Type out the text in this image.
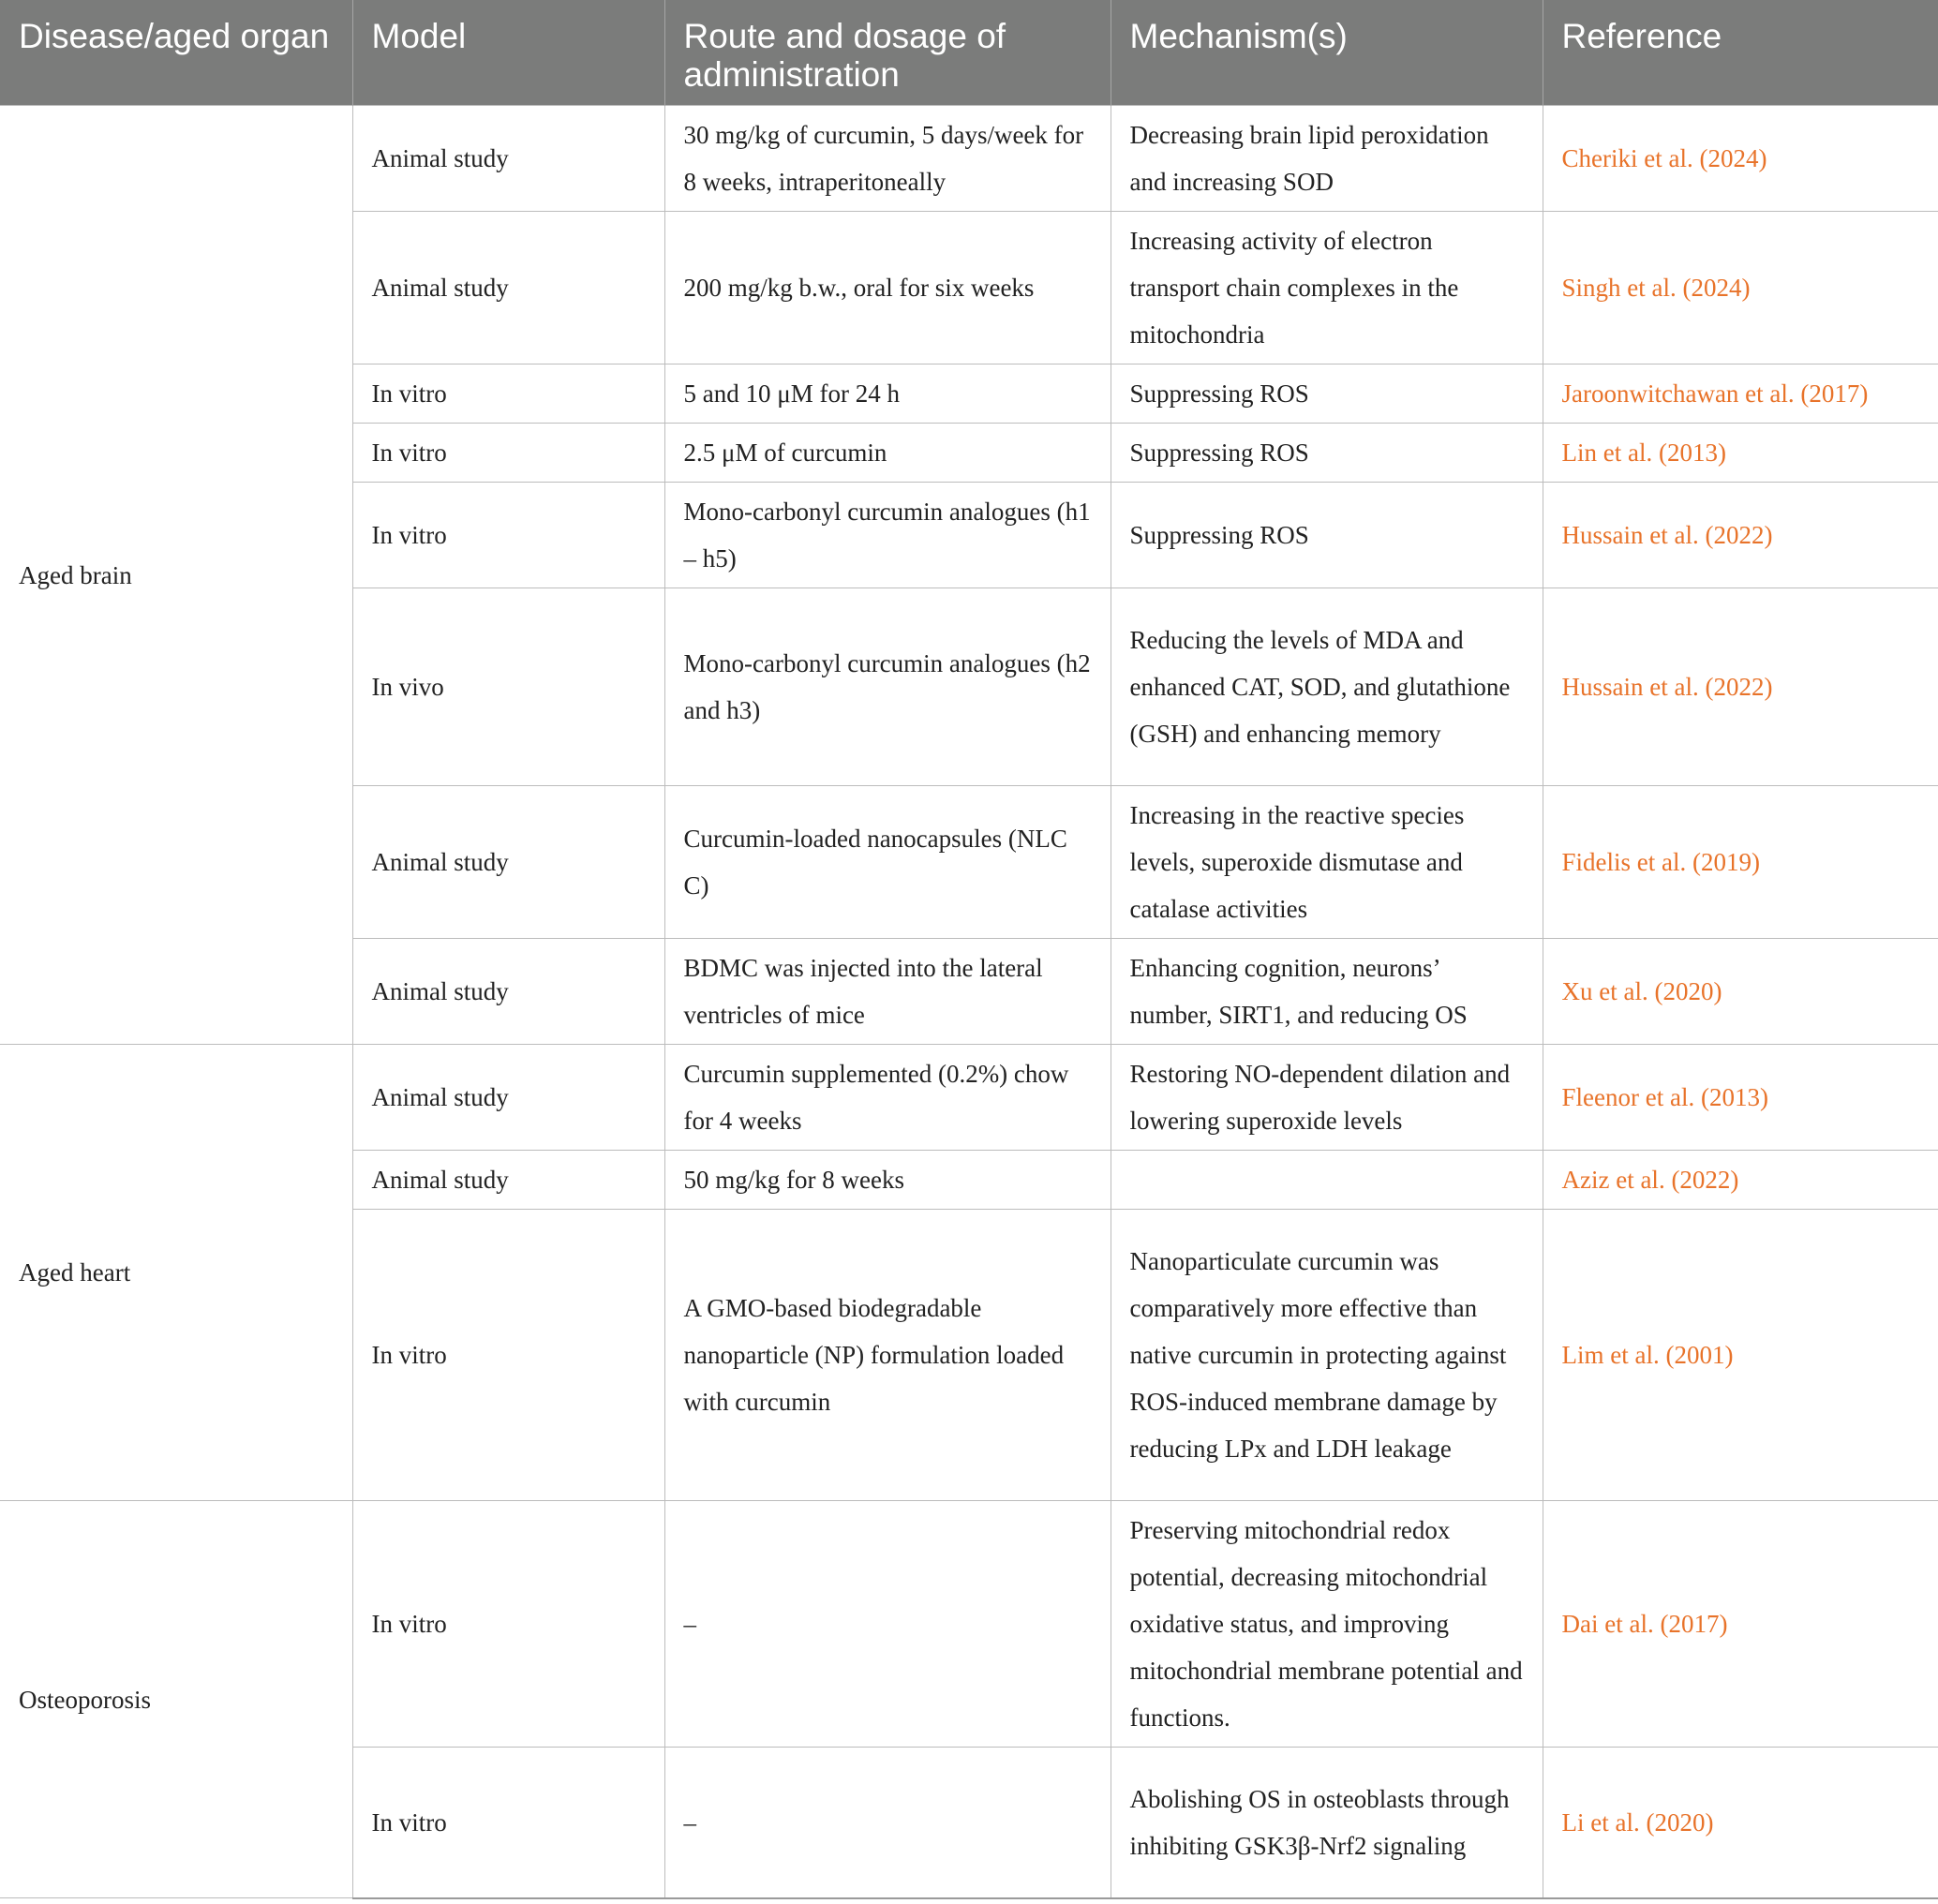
Disease/aged organ	Model	Route and dosage of administration	Mechanism(s)	Reference
Aged brain	Animal study	30 mg/kg of curcumin, 5 days/week for 8 weeks, intraperitoneally	Decreasing brain lipid peroxidation and increasing SOD	Cheriki et al. (2024)
	Animal study	200 mg/kg b.w., oral for six weeks	Increasing activity of electron transport chain complexes in the mitochondria	Singh et al. (2024)
	In vitro	5 and 10 μM for 24 h	Suppressing ROS	Jaroonwitchawan et al. (2017)
	In vitro	2.5 μM of curcumin	Suppressing ROS	Lin et al. (2013)
	In vitro	Mono-carbonyl curcumin analogues (h1 – h5)	Suppressing ROS	Hussain et al. (2022)
	In vivo	Mono-carbonyl curcumin analogues (h2 and h3)	Reducing the levels of MDA and enhanced CAT, SOD, and glutathione (GSH) and enhancing memory	Hussain et al. (2022)
	Animal study	Curcumin-loaded nanocapsules (NLC C)	Increasing in the reactive species levels, superoxide dismutase and catalase activities	Fidelis et al. (2019)
	Animal study	BDMC was injected into the lateral ventricles of mice	Enhancing cognition, neurons’ number, SIRT1, and reducing OS	Xu et al. (2020)
Aged heart	Animal study	Curcumin supplemented (0.2%) chow for 4 weeks	Restoring NO-dependent dilation and lowering superoxide levels	Fleenor et al. (2013)
	Animal study	50 mg/kg for 8 weeks		Aziz et al. (2022)
	In vitro	A GMO-based biodegradable nanoparticle (NP) formulation loaded with curcumin	Nanoparticulate curcumin was comparatively more effective than native curcumin in protecting against ROS-induced membrane damage by reducing LPx and LDH leakage	Lim et al. (2001)
Osteoporosis	In vitro	–	Preserving mitochondrial redox potential, decreasing mitochondrial oxidative status, and improving mitochondrial membrane potential and functions.	Dai et al. (2017)
	In vitro	–	Abolishing OS in osteoblasts through inhibiting GSK3β-Nrf2 signaling	Li et al. (2020)
